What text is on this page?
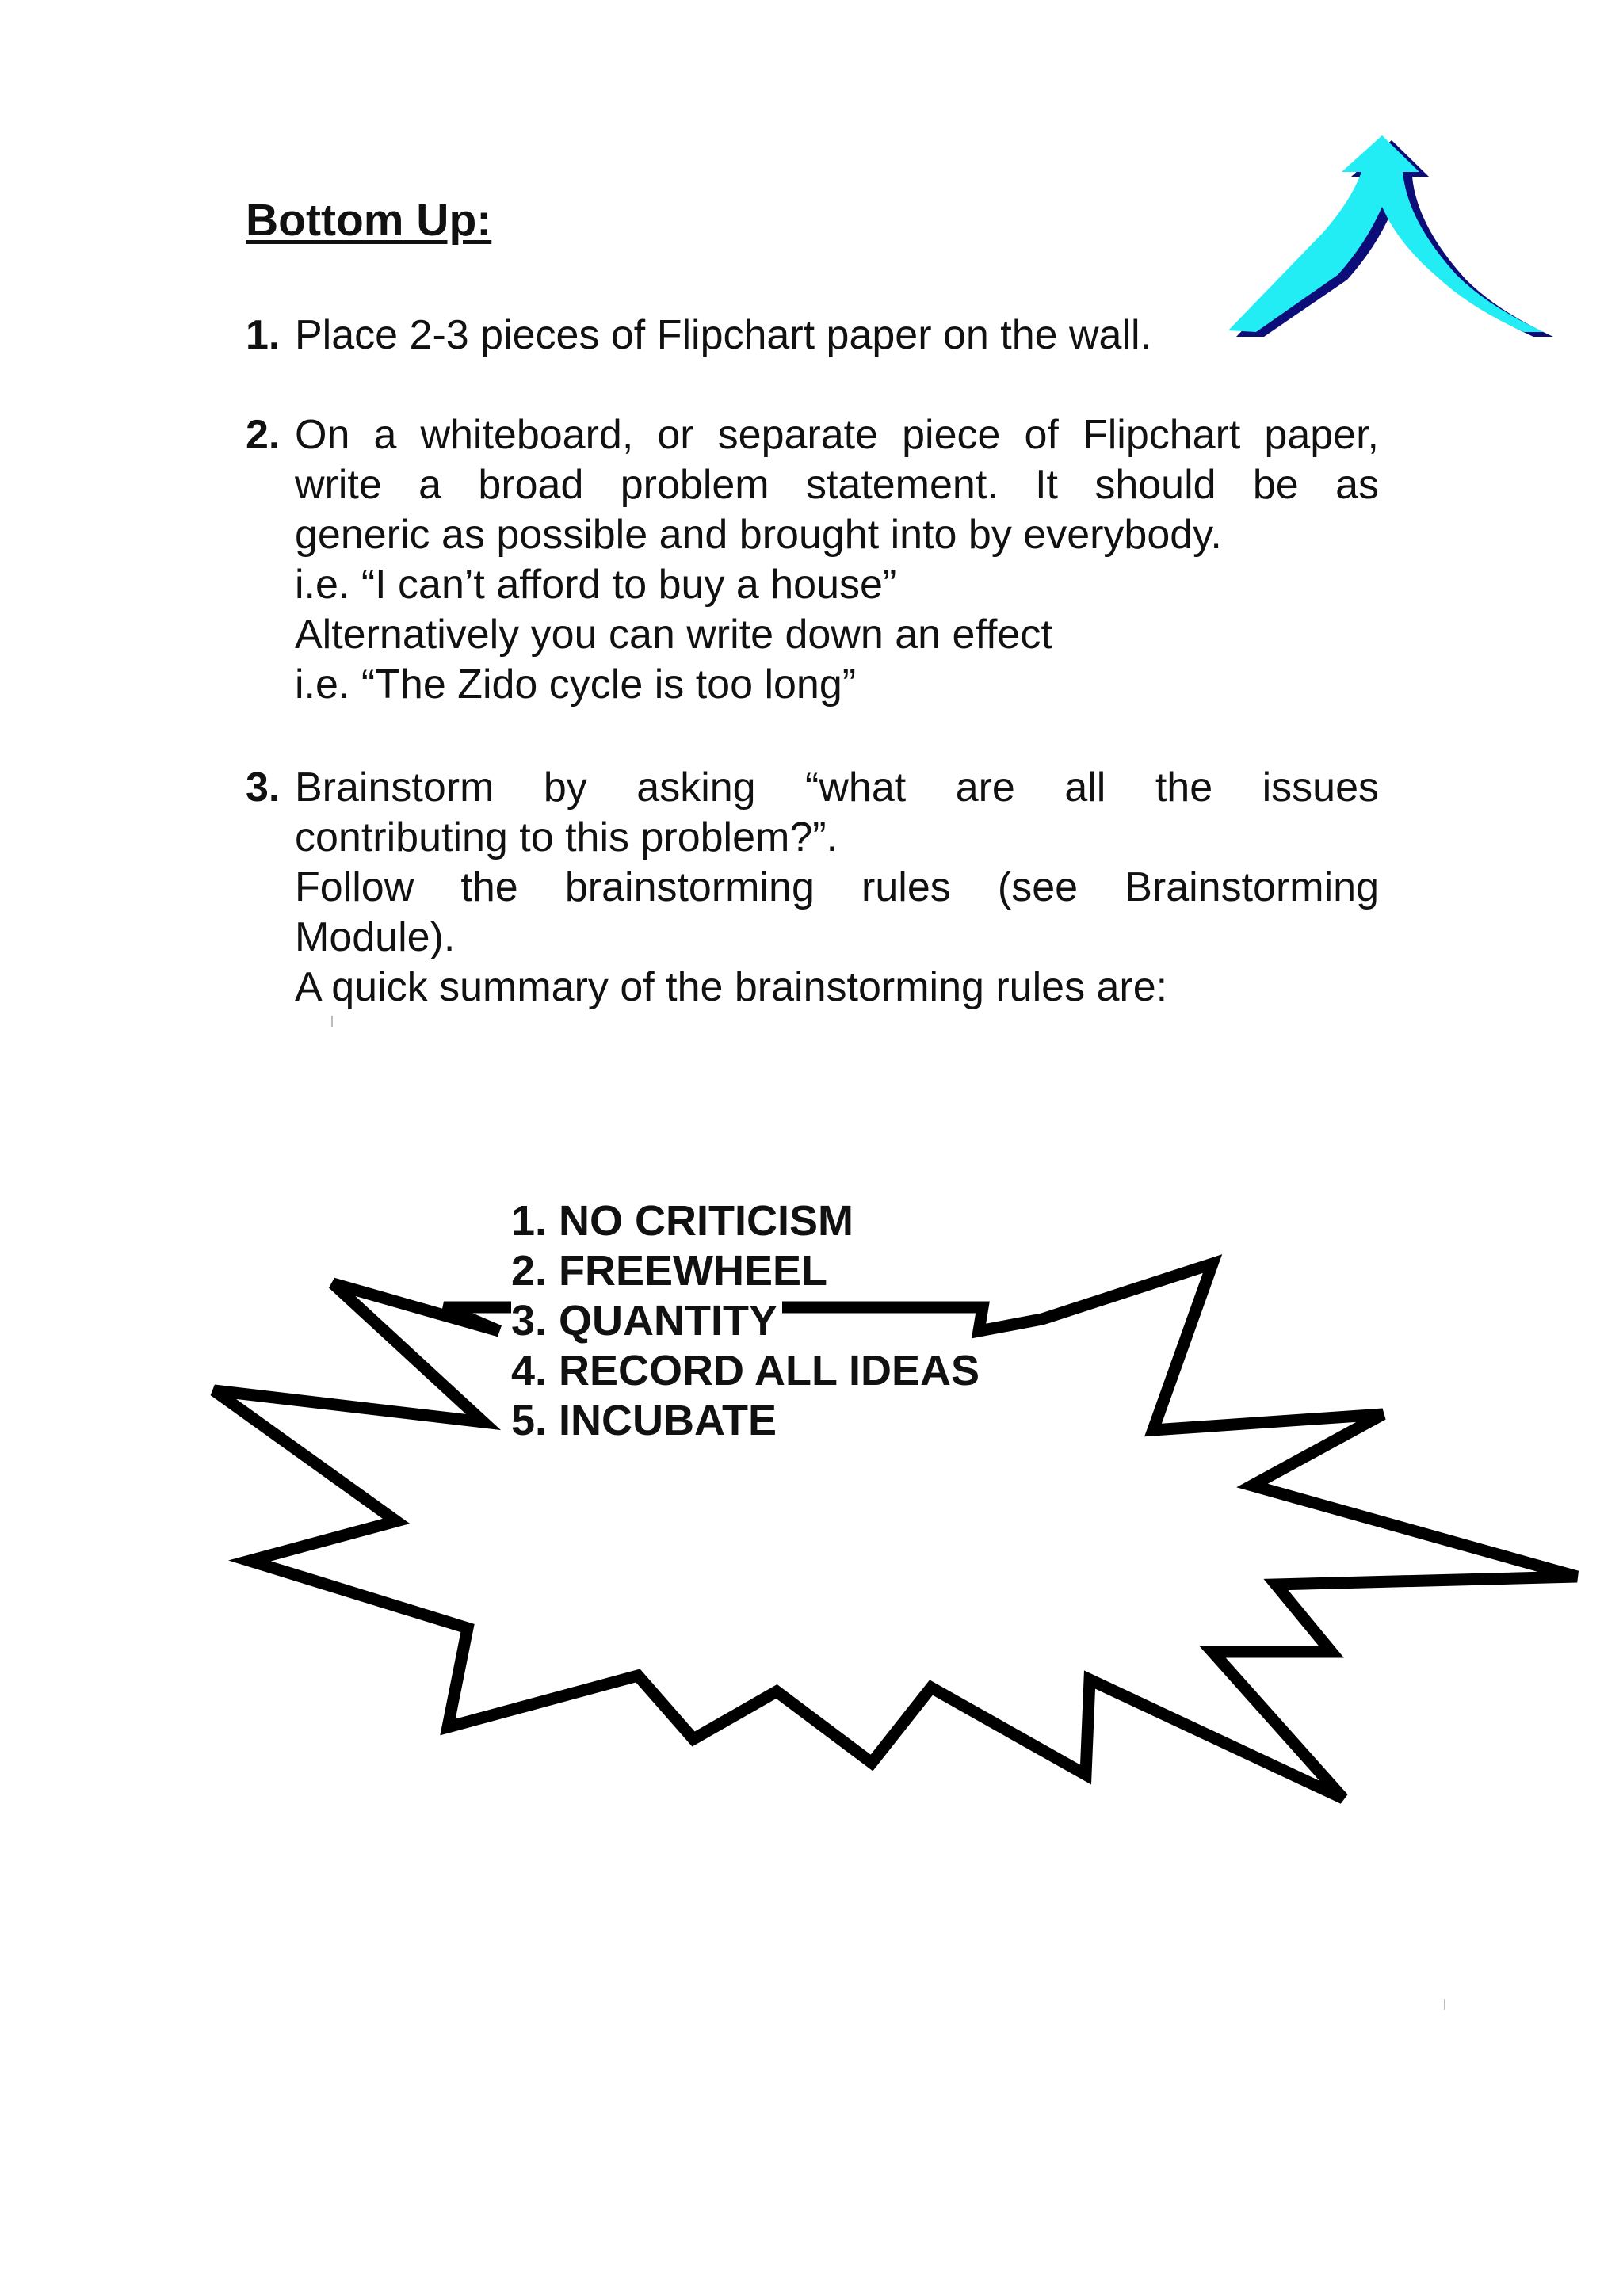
Bottom Up:
1. Place 2-3 pieces of Flipchart paper on the wall.
2. On a whiteboard, or separate piece of Flipchart paper,
write a broad problem statement. It should be as
generic as possible and brought into by everybody.
i.e. “I can’t afford to buy a house”
Alternatively you can write down an effect
i.e. “The Zido cycle is too long”
3. Brainstorm by asking “what are all the issues
contributing to this problem?”.
Follow the brainstorming rules (see Brainstorming
Module).
A quick summary of the brainstorming rules are:
1. NO CRITICISM
2. FREEWHEEL
3. QUANTITY
4. RECORD ALL IDEAS
5. INCUBATE
